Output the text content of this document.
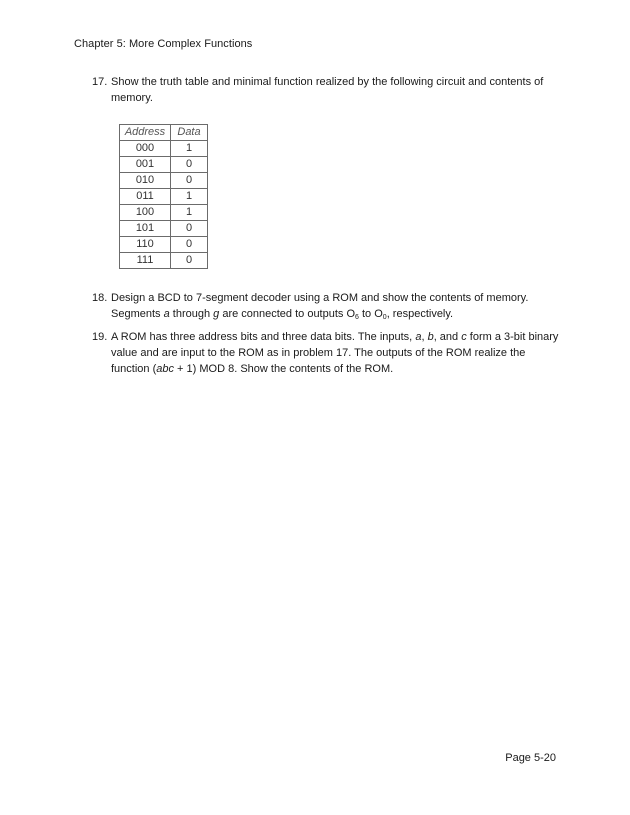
Chapter 5: More Complex Functions
17. Show the truth table and minimal function realized by the following circuit and contents of memory.
Address	Data
000	1
001	0
010	0
011	1
100	1
101	0
110	0
111	0
18. Design a BCD to 7-segment decoder using a ROM and show the contents of memory.
Segments a through g are connected to outputs $O_6$ to $O_0$, respectively.
19. A ROM has three address bits and three data bits. The inputs, a, b, and c form a 3-bit binary value and are input to the ROM as in problem 17. The outputs of the ROM realize the function (abc + 1) MOD 8. Show the contents of the ROM.
Page 5-20
